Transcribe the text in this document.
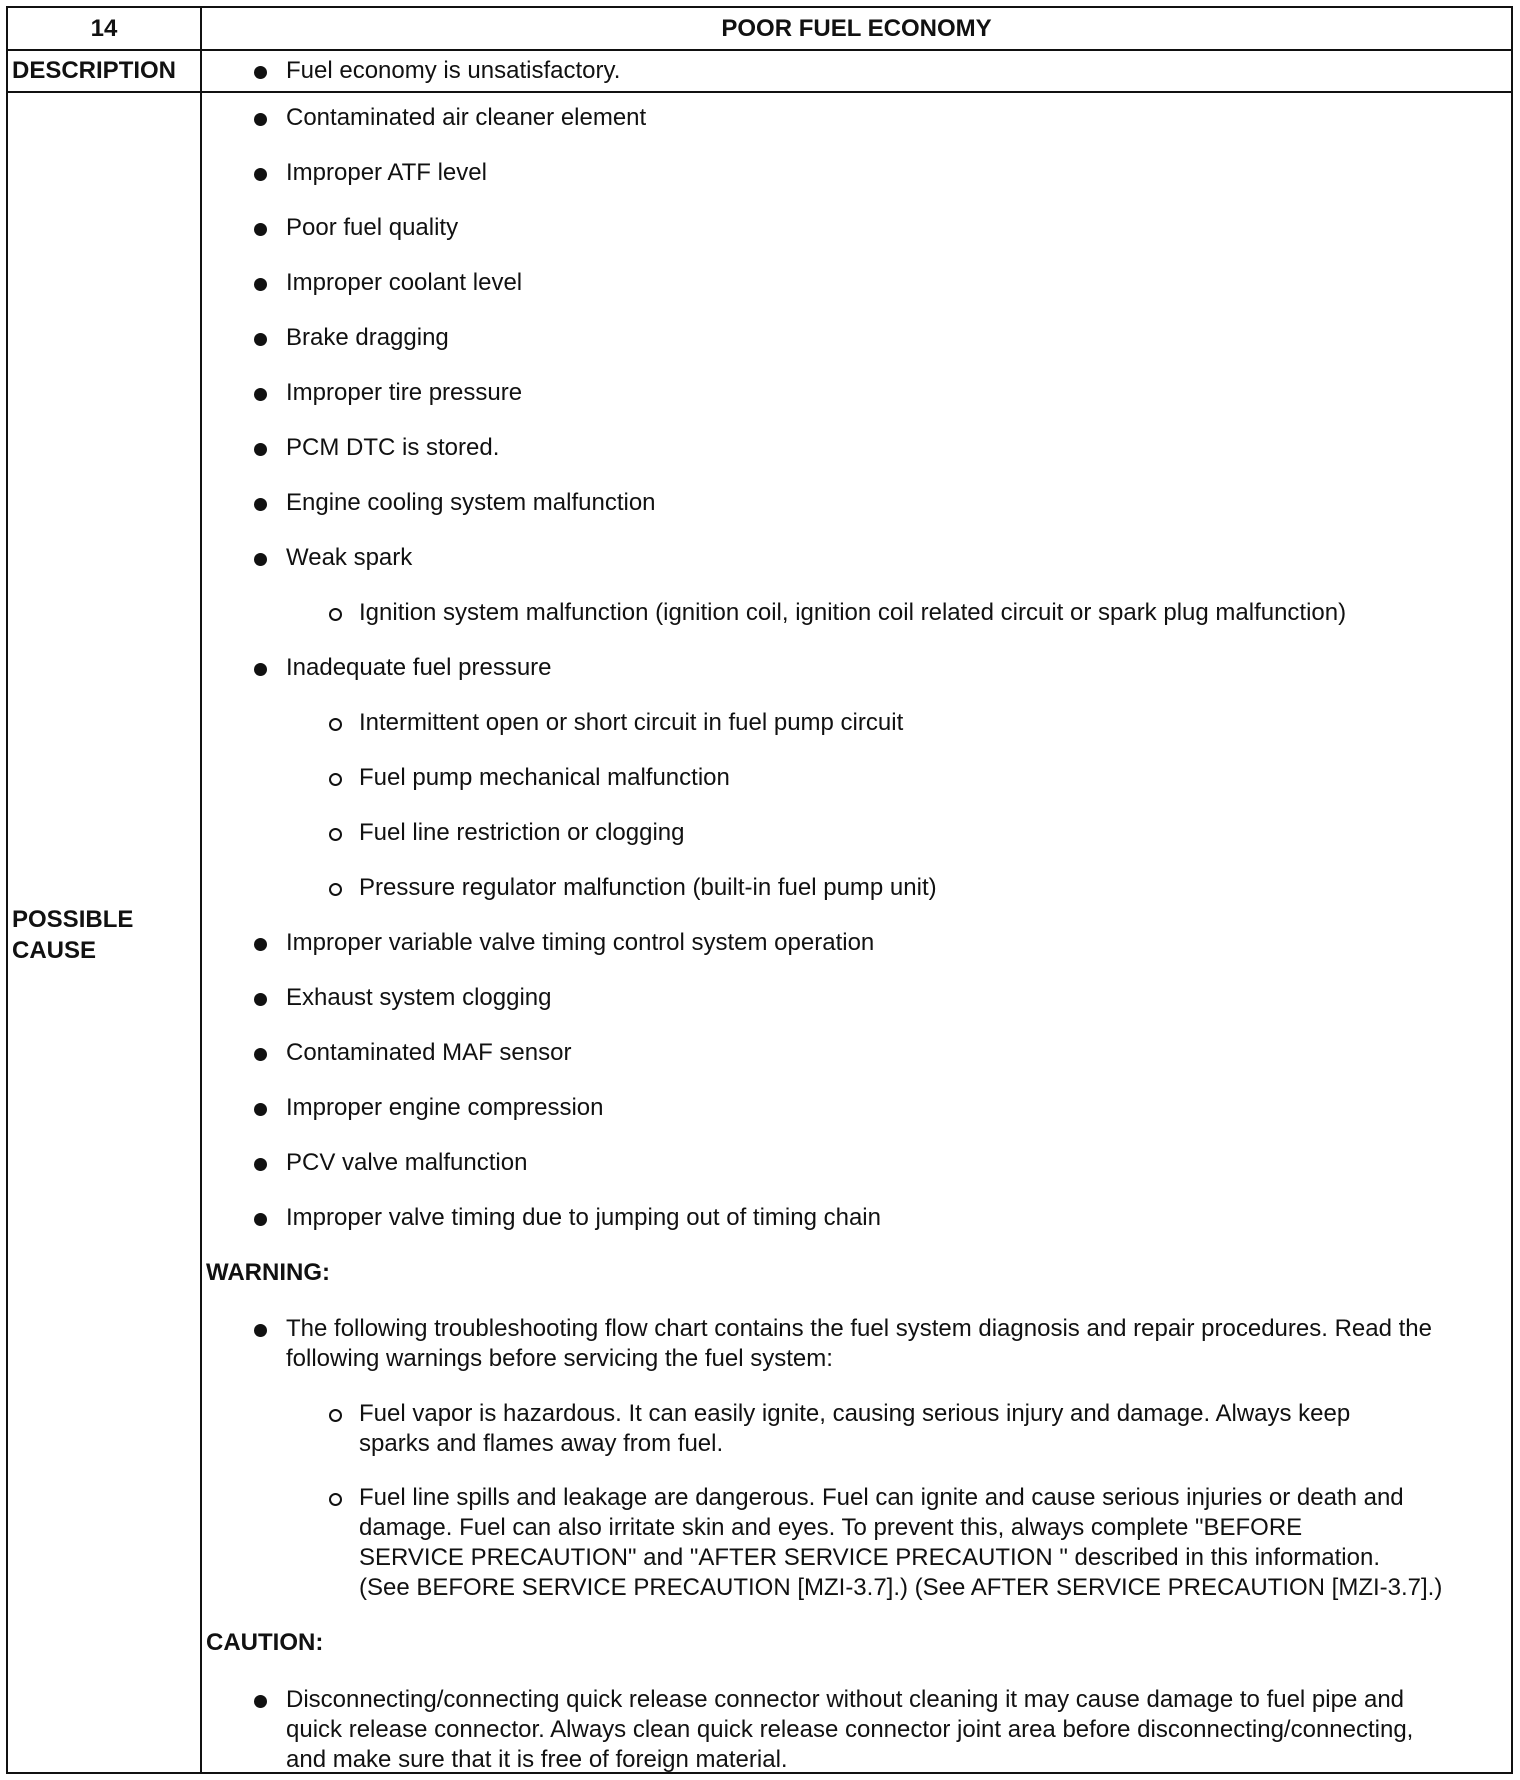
14	POOR FUEL ECONOMY
DESCRIPTION	Fuel economy is unsatisfactory.
POSSIBLE
CAUSE
Contaminated air cleaner element
Improper ATF level
Poor fuel quality
Improper coolant level
Brake dragging
Improper tire pressure
PCM DTC is stored.
Engine cooling system malfunction
Weak spark
Ignition system malfunction (ignition coil, ignition coil related circuit or spark plug malfunction)
Inadequate fuel pressure
Intermittent open or short circuit in fuel pump circuit
Fuel pump mechanical malfunction
Fuel line restriction or clogging
Pressure regulator malfunction (built-in fuel pump unit)
Improper variable valve timing control system operation
Exhaust system clogging
Contaminated MAF sensor
Improper engine compression
PCV valve malfunction
Improper valve timing due to jumping out of timing chain
WARNING:
The following troubleshooting flow chart contains the fuel system diagnosis and repair procedures. Read the
following warnings before servicing the fuel system:
Fuel vapor is hazardous. It can easily ignite, causing serious injury and damage. Always keep
sparks and flames away from fuel.
Fuel line spills and leakage are dangerous. Fuel can ignite and cause serious injuries or death and
damage. Fuel can also irritate skin and eyes. To prevent this, always complete "BEFORE
SERVICE PRECAUTION" and "AFTER SERVICE PRECAUTION " described in this information.
(See BEFORE SERVICE PRECAUTION [MZI-3.7].) (See AFTER SERVICE PRECAUTION [MZI-3.7].)
CAUTION:
Disconnecting/connecting quick release connector without cleaning it may cause damage to fuel pipe and
quick release connector. Always clean quick release connector joint area before disconnecting/connecting,
and make sure that it is free of foreign material.
